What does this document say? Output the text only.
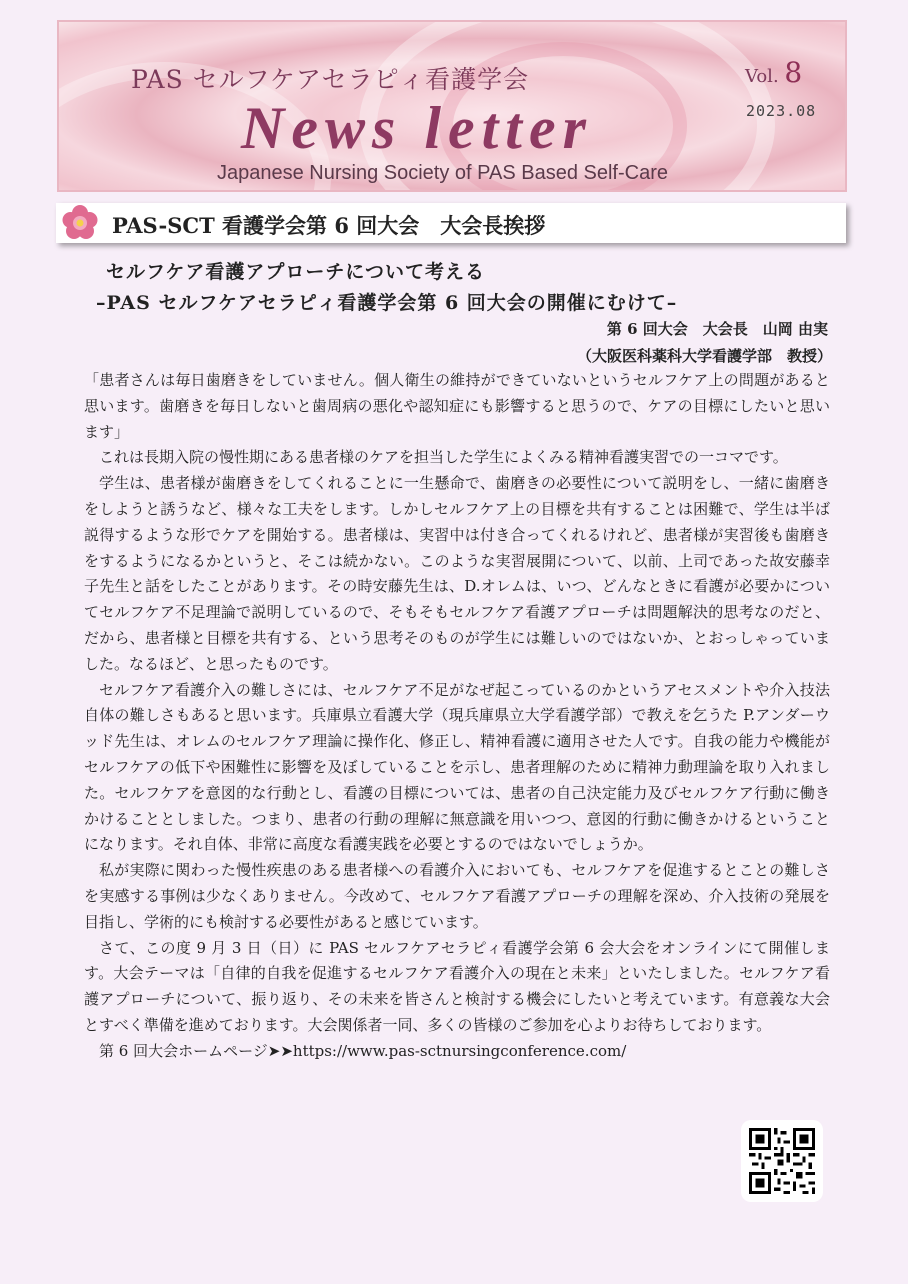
PAS セルフケアセラピィ看護学会	Vol. 8
2023.08
News letter
Japanese Nursing Society of PAS Based Self-Care
PAS-SCT 看護学会第 6 回大会　大会長挨拶
セルフケア看護アプローチについて考える
–PAS セルフケアセラピィ看護学会第 6 回大会の開催にむけて–
第 6 回大会　大会長　山岡 由実
（大阪医科薬科大学看護学部　教授）

「患者さんは毎日歯磨きをしていません。個人衛生の維持ができていないというセルフケア上の問題があると思います。歯磨きを毎日しないと歯周病の悪化や認知症にも影響すると思うので、ケアの目標にしたいと思います」

これは長期入院の慢性期にある患者様のケアを担当した学生によくみる精神看護実習での一コマです。

学生は、患者様が歯磨きをしてくれることに一生懸命で、歯磨きの必要性について説明をし、一緒に歯磨きをしようと誘うなど、様々な工夫をします。しかしセルフケア上の目標を共有することは困難で、学生は半ば説得するような形でケアを開始する。患者様は、実習中は付き合ってくれるけれど、患者様が実習後も歯磨きをするようになるかというと、そこは続かない。このような実習展開について、以前、上司であった故安藤幸子先生と話をしたことがあります。その時安藤先生は、D.オレムは、いつ、どんなときに看護が必要かについてセルフケア不足理論で説明しているので、そもそもセルフケア看護アプローチは問題解決的思考なのだと、だから、患者様と目標を共有する、という思考そのものが学生には難しいのではないか、とおっしゃっていました。なるほど、と思ったものです。

セルフケア看護介入の難しさには、セルフケア不足がなぜ起こっているのかというアセスメントや介入技法自体の難しさもあると思います。兵庫県立看護大学（現兵庫県立大学看護学部）で教えを乞うた P.アンダーウッド先生は、オレムのセルフケア理論に操作化、修正し、精神看護に適用させた人です。自我の能力や機能がセルフケアの低下や困難性に影響を及ぼしていることを示し、患者理解のために精神力動理論を取り入れました。セルフケアを意図的な行動とし、看護の目標については、患者の自己決定能力及びセルフケア行動に働きかけることとしました。つまり、患者の行動の理解に無意識を用いつつ、意図的行動に働きかけるということになります。それ自体、非常に高度な看護実践を必要とするのではないでしょうか。

私が実際に関わった慢性疾患のある患者様への看護介入においても、セルフケアを促進するとことの難しさを実感する事例は少なくありません。今改めて、セルフケア看護アプローチの理解を深め、介入技術の発展を目指し、学術的にも検討する必要性があると感じています。

さて、この度 9 月 3 日（日）に PAS セルフケアセラピィ看護学会第 6 会大会をオンラインにて開催します。大会テーマは「自律的自我を促進するセルフケア看護介入の現在と未来」といたしました。セルフケア看護アプローチについて、振り返り、その未来を皆さんと検討する機会にしたいと考えています。有意義な大会とすべく準備を進めております。大会関係者一同、多くの皆様のご参加を心よりお待ちしております。

第 6 回大会ホームページ➤➤https://www.pas-sctnursingconference.com/
